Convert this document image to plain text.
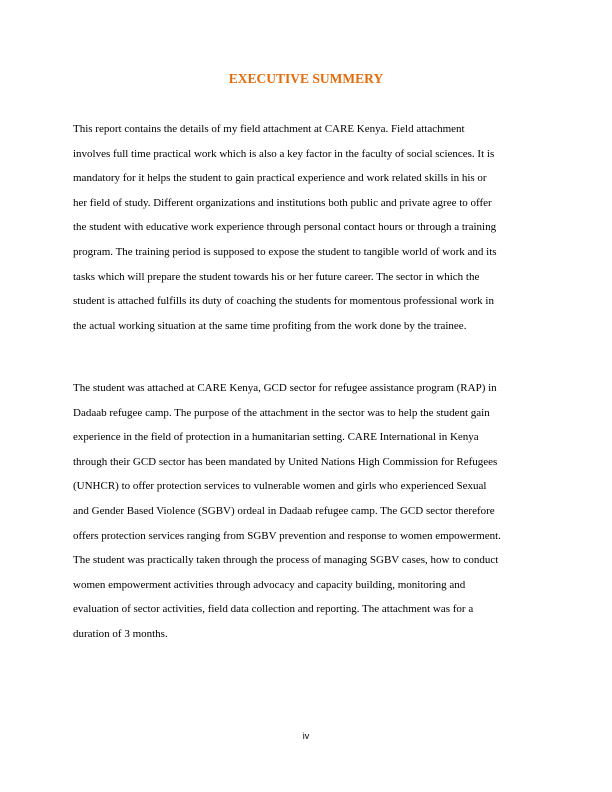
EXECUTIVE SUMMERY
This report contains the details of my field attachment at CARE Kenya. Field attachment
involves full time practical work which is also a key factor in the faculty of social sciences. It is
mandatory for it helps the student to gain practical experience and work related skills in his or
her field of study. Different organizations and institutions both public and private agree to offer
the student with educative work experience through personal contact hours or through a training
program. The training period is supposed to expose the student to tangible world of work and its
tasks which will prepare the student towards his or her future career. The sector in which the
student is attached fulfills its duty of coaching the students for momentous professional work in
the actual working situation at the same time profiting from the work done by the trainee.
The student was attached at CARE Kenya, GCD sector for refugee assistance program (RAP) in
Dadaab refugee camp. The purpose of the attachment in the sector was to help the student gain
experience in the field of protection in a humanitarian setting. CARE International in Kenya
through their GCD sector has been mandated by United Nations High Commission for Refugees
(UNHCR) to offer protection services to vulnerable women and girls who experienced Sexual
and Gender Based Violence (SGBV) ordeal in Dadaab refugee camp. The GCD sector therefore
offers protection services ranging from SGBV prevention and response to women empowerment.
The student was practically taken through the process of managing SGBV cases, how to conduct
women empowerment activities through advocacy and capacity building, monitoring and
evaluation of sector activities, field data collection and reporting. The attachment was for a
duration of 3 months.
iv
